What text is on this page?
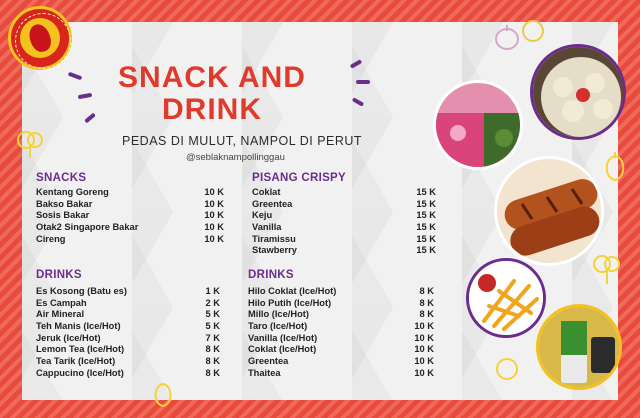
SNACK AND
DRINK
PEDAS DI MULUT, NAMPOL DI PERUT
@seblaknampollinggau
SNACKS
Kentang Goreng	10 K
Bakso Bakar	10 K
Sosis Bakar	10 K
Otak2 Singapore Bakar	10 K
Cireng	10 K
PISANG CRISPY
Coklat	15 K
Greentea	15 K
Keju	15 K
Vanilla	15 K
Tiramissu	15 K
Stawberry	15 K
DRINKS
Es Kosong (Batu es)	1 K
Es Campah	2 K
Air Mineral	5 K
Teh Manis (Ice/Hot)	5 K
Jeruk (Ice/Hot)	7 K
Lemon Tea (Ice/Hot)	8 K
Tea Tarik (Ice/Hot)	8 K
Cappucino (Ice/Hot)	8 K
DRINKS
Hilo Coklat (Ice/Hot)	8 K
Hilo Putih (Ice/Hot)	8 K
Millo (Ice/Hot)	8 K
Taro (Ice/Hot)	10 K
Vanilla (Ice/Hot)	10 K
Coklat (Ice/Hot)	10 K
Greentea	10 K
Thaitea	10 K
